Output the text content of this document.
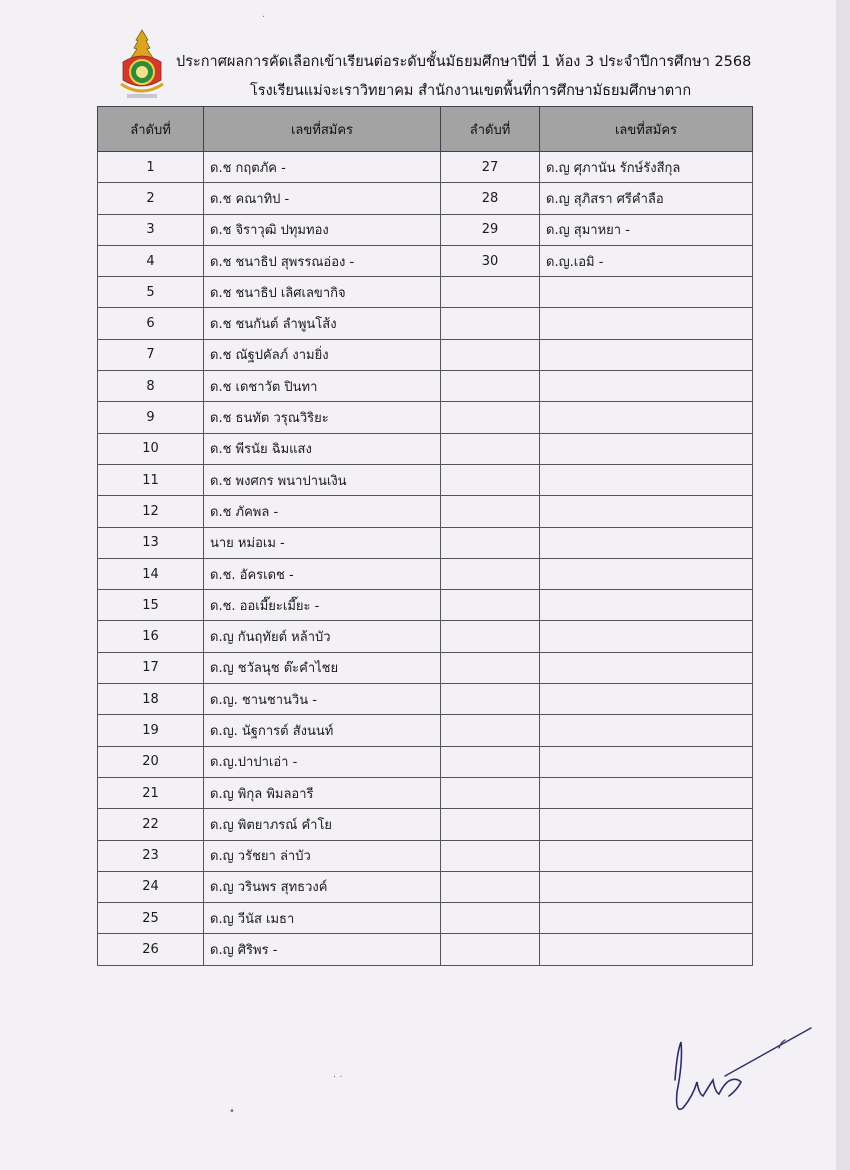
ประกาศผลการคัดเลือกเข้าเรียนต่อระดับชั้นมัธยมศึกษาปีที่ 1 ห้อง 3 ประจำปีการศึกษา 2568
โรงเรียนแม่จะเราวิทยาคม สำนักงานเขตพื้นที่การศึกษามัธยมศึกษาตาก
ลำดับที่	เลขที่สมัคร	ลำดับที่	เลขที่สมัคร
1	ด.ช กฤตภัค -	27	ด.ญ ศุภานัน รักษ์รังสีกุล
2	ด.ช คณาทิป -	28	ด.ญ สุภิสรา ศรีคำลือ
3	ด.ช จิราวุฒิ ปทุมทอง	29	ด.ญ สุมาหยา -
4	ด.ช ชนาธิป สุพรรณอ่อง -	30	ด.ญ.เอมิ -
5	ด.ช ชนาธิป เลิศเลขากิจ		
6	ด.ช ชนกันต์ ลำพูนโส้ง		
7	ด.ช ณัฐปคัลภ์ งามยิ่ง		
8	ด.ช เดชาวัต ปินทา		
9	ด.ช ธนทัต วรุณวิริยะ		
10	ด.ช พีรนัย ฉิมแสง		
11	ด.ช พงศกร พนาปานเงิน		
12	ด.ช ภัคพล -		
13	นาย หม่อเม -		
14	ด.ช. อัครเดช -		
15	ด.ช. ออเมี๊ยะเมี๊ยะ -		
16	ด.ญ กันฤทัยต์ หล้าบัว		
17	ด.ญ ชวัลนุช ต๊ะคำไชย		
18	ด.ญ. ชานชานวิน -		
19	ด.ญ. นัฐการต์ สังนนท์		
20	ด.ญ.ปาปาเอ่า -		
21	ด.ญ พิกุล พิมลอารี		
22	ด.ญ พิตยาภรณ์ คำโย		
23	ด.ญ วรัชยา ล่าบัว		
24	ด.ญ วรินพร สุทธวงค์		
25	ด.ญ วีนัส เมธา		
26	ด.ญ ศิริพร -		
·
· ·
•
